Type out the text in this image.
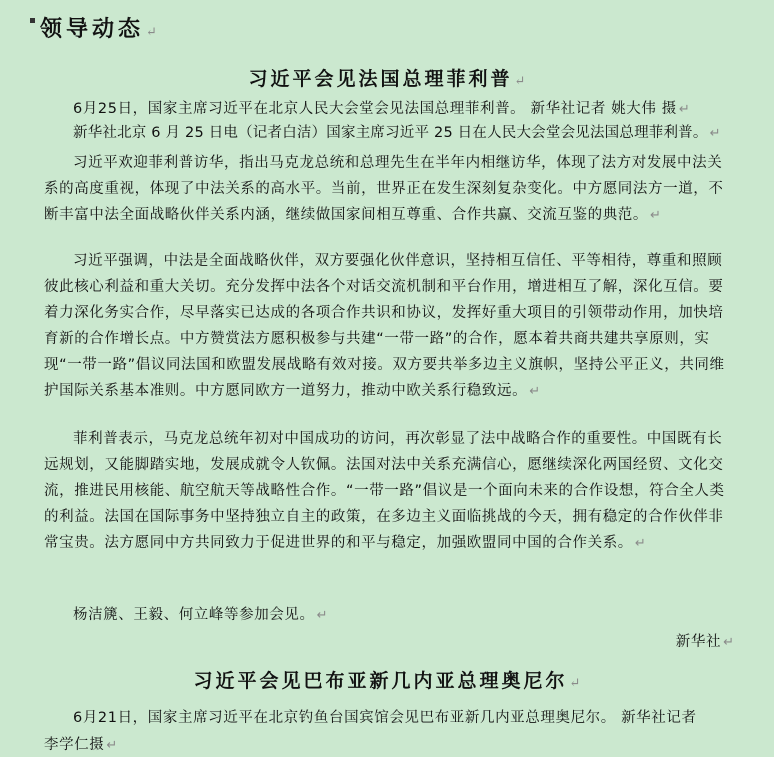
领导动态 ↵
习近平会见法国总理菲利普 ↵
6月25日，国家主席习近平在北京人民大会堂会见法国总理菲利普。 新华社记者 姚大伟 摄 ↵
新华社北京 6 月 25 日电（记者白洁）国家主席习近平 25 日在人民大会堂会见法国总理菲利普。 ↵
习近平欢迎菲利普访华，指出马克龙总统和总理先生在半年内相继访华，体现了法方对发展中法关系的高度重视，体现了中法关系的高水平。当前，世界正在发生深刻复杂变化。中方愿同法方一道，不断丰富中法全面战略伙伴关系内涵，继续做国家间相互尊重、合作共赢、交流互鉴的典范。 ↵
习近平强调，中法是全面战略伙伴，双方要强化伙伴意识，坚持相互信任、平等相待，尊重和照顾彼此核心利益和重大关切。充分发挥中法各个对话交流机制和平台作用，增进相互了解，深化互信。要着力深化务实合作，尽早落实已达成的各项合作共识和协议，发挥好重大项目的引领带动作用，加快培育新的合作增长点。中方赞赏法方愿积极参与共建“一带一路”的合作，愿本着共商共建共享原则，实现“一带一路”倡议同法国和欧盟发展战略有效对接。双方要共举多边主义旗帜，坚持公平正义，共同维护国际关系基本准则。中方愿同欧方一道努力，推动中欧关系行稳致远。 ↵
菲利普表示，马克龙总统年初对中国成功的访问，再次彰显了法中战略合作的重要性。中国既有长远规划，又能脚踏实地，发展成就令人钦佩。法国对法中关系充满信心，愿继续深化两国经贸、文化交流，推进民用核能、航空航天等战略性合作。“一带一路”倡议是一个面向未来的合作设想，符合全人类的利益。法国在国际事务中坚持独立自主的政策，在多边主义面临挑战的今天，拥有稳定的合作伙伴非常宝贵。法方愿同中方共同致力于促进世界的和平与稳定，加强欧盟同中国的合作关系。 ↵
杨洁篪、王毅、何立峰等参加会见。 ↵
新华社 ↵
习近平会见巴布亚新几内亚总理奥尼尔 ↵
6月21日，国家主席习近平在北京钓鱼台国宾馆会见巴布亚新几内亚总理奥尼尔。 新华社记者
李学仁摄 ↵
